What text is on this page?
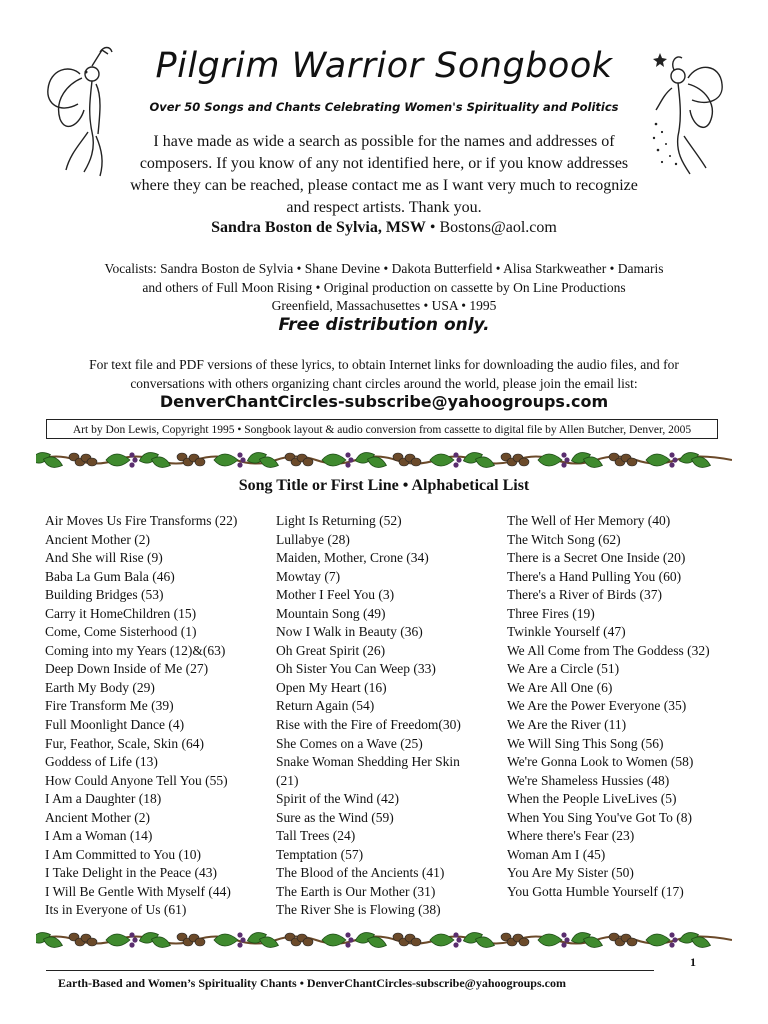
Pilgrim Warrior Songbook
Over 50 Songs and Chants Celebrating Women's Spirituality and Politics
I have made as wide a search as possible for the names and addresses of composers. If you know of any not identified here, or if you know addresses where they can be reached, please contact me as I want very much to recognize and respect artists. Thank you.
Sandra Boston de Sylvia, MSW • Bostons@aol.com
Vocalists: Sandra Boston de Sylvia • Shane Devine • Dakota Butterfield • Alisa Starkweather • Damaris
and others of Full Moon Rising • Original production on cassette by On Line Productions
Greenfield, Massachusettes • USA • 1995
Free distribution only.
For text file and PDF versions of these lyrics, to obtain Internet links for downloading the audio files, and for
conversations with others organizing chant circles around the world, please join the email list:
DenverChantCircles-subscribe@yahoogroups.com
Art by Don Lewis, Copyright 1995 • Songbook layout & audio conversion from cassette to digital file by Allen Butcher, Denver, 2005
Song Title or First Line • Alphabetical List
Air Moves Us Fire Transforms (22)
Ancient Mother (2)
And She will Rise (9)
Baba La Gum Bala (46)
Building Bridges (53)
Carry it HomeChildren (15)
Come, Come Sisterhood (1)
Coming into my Years (12)&(63)
Deep Down Inside of Me (27)
Earth My Body (29)
Fire Transform Me (39)
Full Moonlight Dance (4)
Fur, Feathor, Scale, Skin (64)
Goddess of Life (13)
How Could Anyone Tell You (55)
I Am a Daughter (18)
Ancient Mother (2)
I Am a Woman (14)
I Am Committed to You (10)
I Take Delight in the Peace (43)
I Will Be Gentle With Myself (44)
Its in Everyone of Us (61)
Light Is Returning (52)
Lullabye (28)
Maiden, Mother, Crone (34)
Mowtay (7)
Mother I Feel You (3)
Mountain Song (49)
Now I Walk in Beauty (36)
Oh Great Spirit (26)
Oh Sister You Can Weep (33)
Open My Heart (16)
Return Again (54)
Rise with the Fire of Freedom(30)
She Comes on a Wave (25)
Snake Woman Shedding Her Skin
(21)
Spirit of the Wind (42)
Sure as the Wind (59)
Tall Trees (24)
Temptation (57)
The Blood of the Ancients (41)
The Earth is Our Mother (31)
The River She is Flowing (38)
The Well of Her Memory (40)
The Witch Song (62)
There is a Secret One Inside (20)
There's a Hand Pulling You (60)
There's a River of Birds (37)
Three Fires (19)
Twinkle Yourself (47)
We All Come from The Goddess (32)
We Are a Circle (51)
We Are All One (6)
We Are the Power Everyone (35)
We Are the River (11)
We Will Sing This Song (56)
We're Gonna Look to Women (58)
We're Shameless Hussies (48)
When the People LiveLives (5)
When You Sing You've Got To (8)
Where there's Fear (23)
Woman Am I (45)
You Are My Sister (50)
You Gotta Humble Yourself (17)
1
Earth-Based and Women’s Spirituality Chants • DenverChantCircles-subscribe@yahoogroups.com
